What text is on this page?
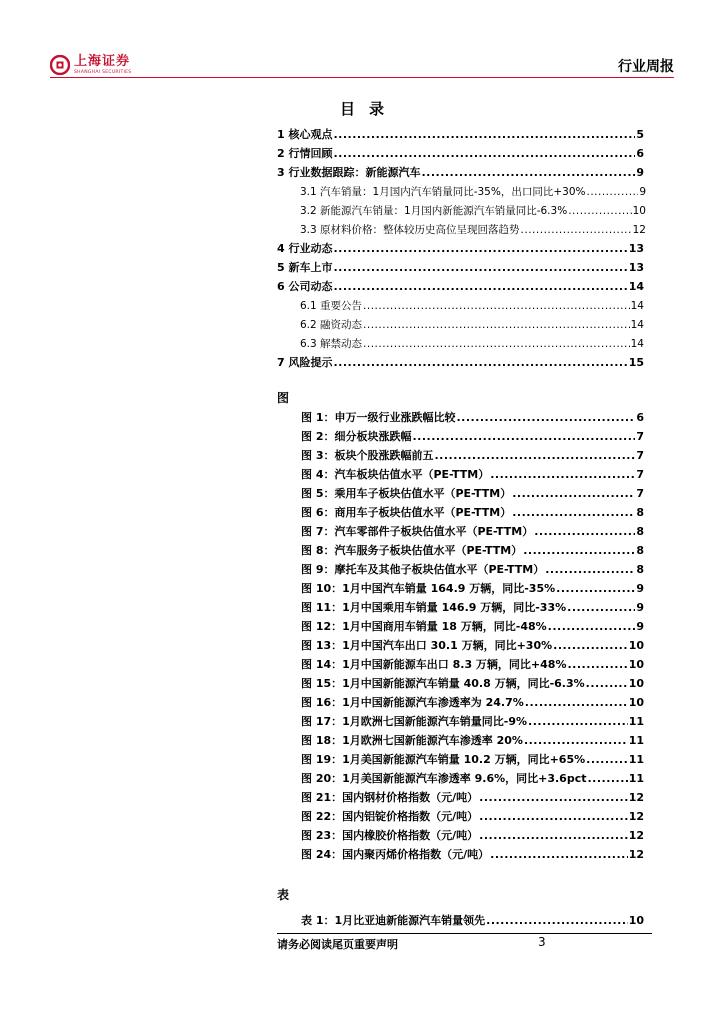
上海证券
SHANGHAI SECURITIES	行业周报
目录
1 核心观点 .....	5
2 行情回顾 .....	6
3 行业数据跟踪：新能源汽车 .....	9
3.1 汽车销量：1月国内汽车销量同比-35%，出口同比+30% .....	9
3.2 新能源汽车销量：1月国内新能源汽车销量同比-6.3% .....	10
3.3 原材料价格：整体较历史高位呈现回落趋势 .....	12
4 行业动态 .....	13
5 新车上市 .....	13
6 公司动态 .....	14
6.1 重要公告 .....	14
6.2 融资动态 .....	14
6.3 解禁动态 .....	14
7 风险提示 .....	15
图
图 1：申万一级行业涨跌幅比较 .....	6
图 2：细分板块涨跌幅 .....	7
图 3：板块个股涨跌幅前五 .....	7
图 4：汽车板块估值水平（PE-TTM） .....	7
图 5：乘用车子板块估值水平（PE-TTM） .....	7
图 6：商用车子板块估值水平（PE-TTM） .....	8
图 7：汽车零部件子板块估值水平（PE-TTM） .....	8
图 8：汽车服务子板块估值水平（PE-TTM） .....	8
图 9：摩托车及其他子板块估值水平（PE-TTM） .....	8
图 10：1月中国汽车销量 164.9 万辆，同比-35% .....	9
图 11：1月中国乘用车销量 146.9 万辆，同比-33% .....	9
图 12：1月中国商用车销量 18 万辆，同比-48% .....	9
图 13：1月中国汽车出口 30.1 万辆，同比+30% .....	10
图 14：1月中国新能源车出口 8.3 万辆，同比+48% .....	10
图 15：1月中国新能源汽车销量 40.8 万辆，同比-6.3% .....	10
图 16：1月中国新能源汽车渗透率为 24.7% .....	10
图 17：1月欧洲七国新能源汽车销量同比-9% .....	11
图 18：1月欧洲七国新能源汽车渗透率 20% .....	11
图 19：1月美国新能源汽车销量 10.2 万辆，同比+65% .....	11
图 20：1月美国新能源汽车渗透率 9.6%，同比+3.6pct .....	11
图 21：国内钢材价格指数（元/吨） .....	12
图 22：国内铝锭价格指数（元/吨） .....	12
图 23：国内橡胶价格指数（元/吨） .....	12
图 24：国内聚丙烯价格指数（元/吨） .....	12
表
表 1：1月比亚迪新能源汽车销量领先 .....	10
请务必阅读尾页重要声明	3
